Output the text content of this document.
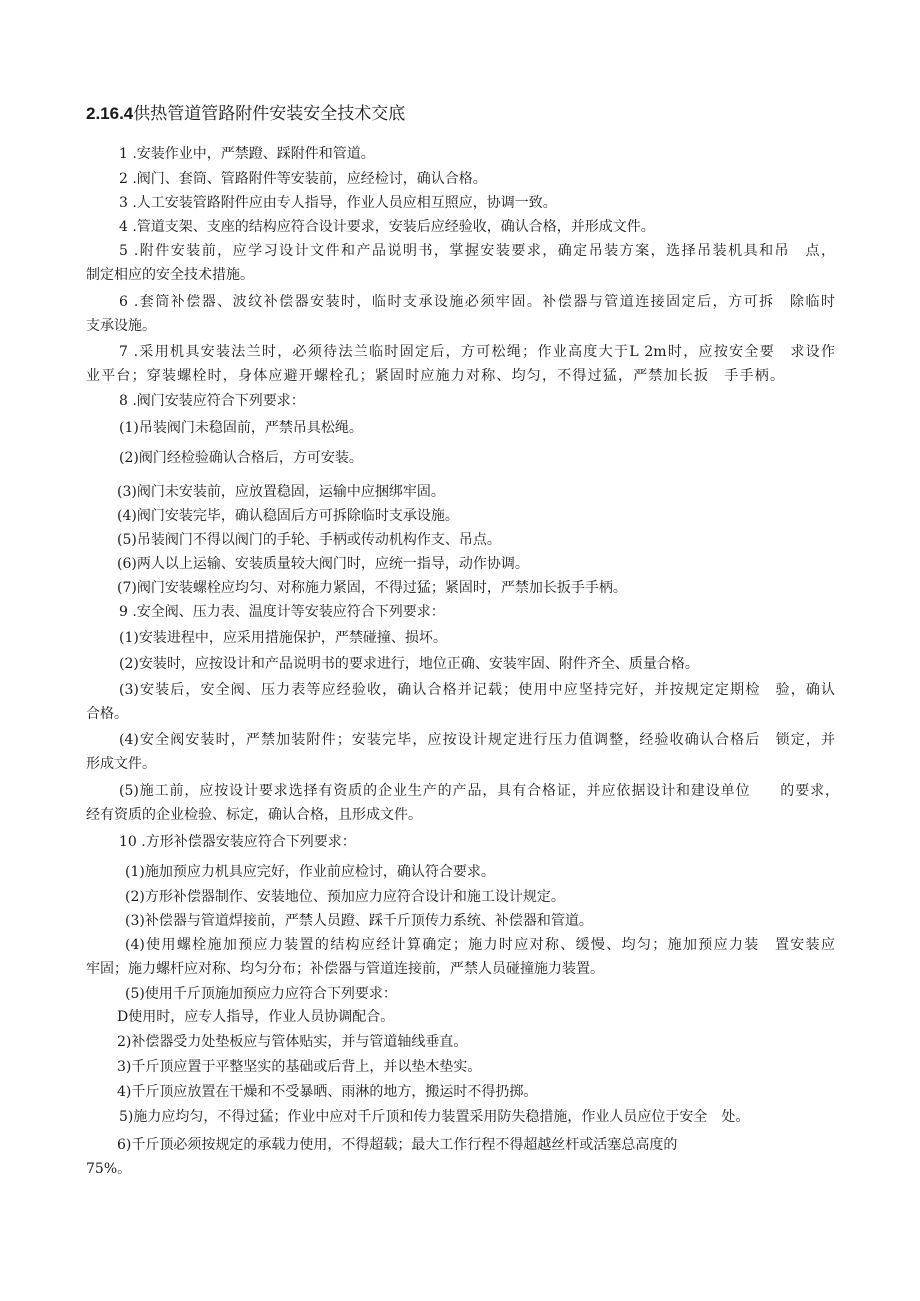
2.16.4供热管道管路附件安装安全技术交底
1 .安装作业中，严禁蹬、踩附件和管道。
2 .阀门、套筒、管路附件等安装前，应经检讨，确认合格。
3 .人工安装管路附件应由专人指导，作业人员应相互照应，协调一致。
4 .管道支架、支座的结构应符合设计要求，安装后应经验收，确认合格，并形成文件。
5 .附件安装前，应学习设计文件和产品说明书，掌握安装要求，确定吊装方案，选择吊装机具和吊　点，
制定相应的安全技术措施。
6 .套筒补偿器、波纹补偿器安装时，临时支承设施必须牢固。补偿器与管道连接固定后，方可拆　除临时
支承设施。
7 .采用机具安装法兰时，必须待法兰临时固定后，方可松绳；作业高度大于L 2m时，应按安全要　求设作
业平台；穿装螺栓时，身体应避开螺栓孔；紧固时应施力对称、均匀，不得过猛，严禁加长扳　手手柄。
8 .阀门安装应符合下列要求：
(1)吊装阀门未稳固前，严禁吊具松绳。
(2)阀门经检验确认合格后，方可安装。
(3)阀门未安装前，应放置稳固，运输中应捆绑牢固。
(4)阀门安装完毕，确认稳固后方可拆除临时支承设施。
(5)吊装阀门不得以阀门的手轮、手柄或传动机构作支、吊点。
(6)两人以上运输、安装质量较大阀门时，应统一指导，动作协调。
(7)阀门安装螺栓应均匀、对称施力紧固，不得过猛；紧固时，严禁加长扳手手柄。
9 .安全阀、压力表、温度计等安装应符合下列要求：
(1)安装进程中，应采用措施保护，严禁碰撞、损坏。
(2)安装时，应按设计和产品说明书的要求进行，地位正确、安装牢固、附件齐全、质量合格。
(3)安装后，安全阀、压力表等应经验收，确认合格并记载；使用中应坚持完好，并按规定定期检　验，确认
合格。
(4)安全阀安装时，严禁加装附件；安装完毕，应按设计规定进行压力值调整，经验收确认合格后　锁定，并
形成文件。
(5)施工前，应按设计要求选择有资质的企业生产的产品，具有合格证，并应依据设计和建设单位　　的要求，
经有资质的企业检验、标定，确认合格，且形成文件。
10 .方形补偿器安装应符合下列要求：
(1)施加预应力机具应完好，作业前应检讨，确认符合要求。
(2)方形补偿器制作、安装地位、预加应力应符合设计和施工设计规定。
(3)补偿器与管道焊接前，严禁人员蹬、踩千斤顶传力系统、补偿器和管道。
(4)使用螺栓施加预应力装置的结构应经计算确定；施力时应对称、缓慢、均匀；施加预应力装　置安装应
牢固；施力螺杆应对称、均匀分布；补偿器与管道连接前，严禁人员碰撞施力装置。
(5)使用千斤顶施加预应力应符合下列要求：
D使用时，应专人指导，作业人员协调配合。
2)补偿器受力处垫板应与管体贴实，并与管道轴线垂直。
3)千斤顶应置于平整坚实的基础或后背上，并以垫木垫实。
4)千斤顶应放置在干燥和不受暴晒、雨淋的地方，搬运时不得扔掷。
5)施力应均匀，不得过猛；作业中应对千斤顶和传力装置采用防失稳措施，作业人员应位于安全　处。
6)千斤顶必须按规定的承载力使用，不得超载；最大工作行程不得超越丝杆或活塞总高度的
75%。
